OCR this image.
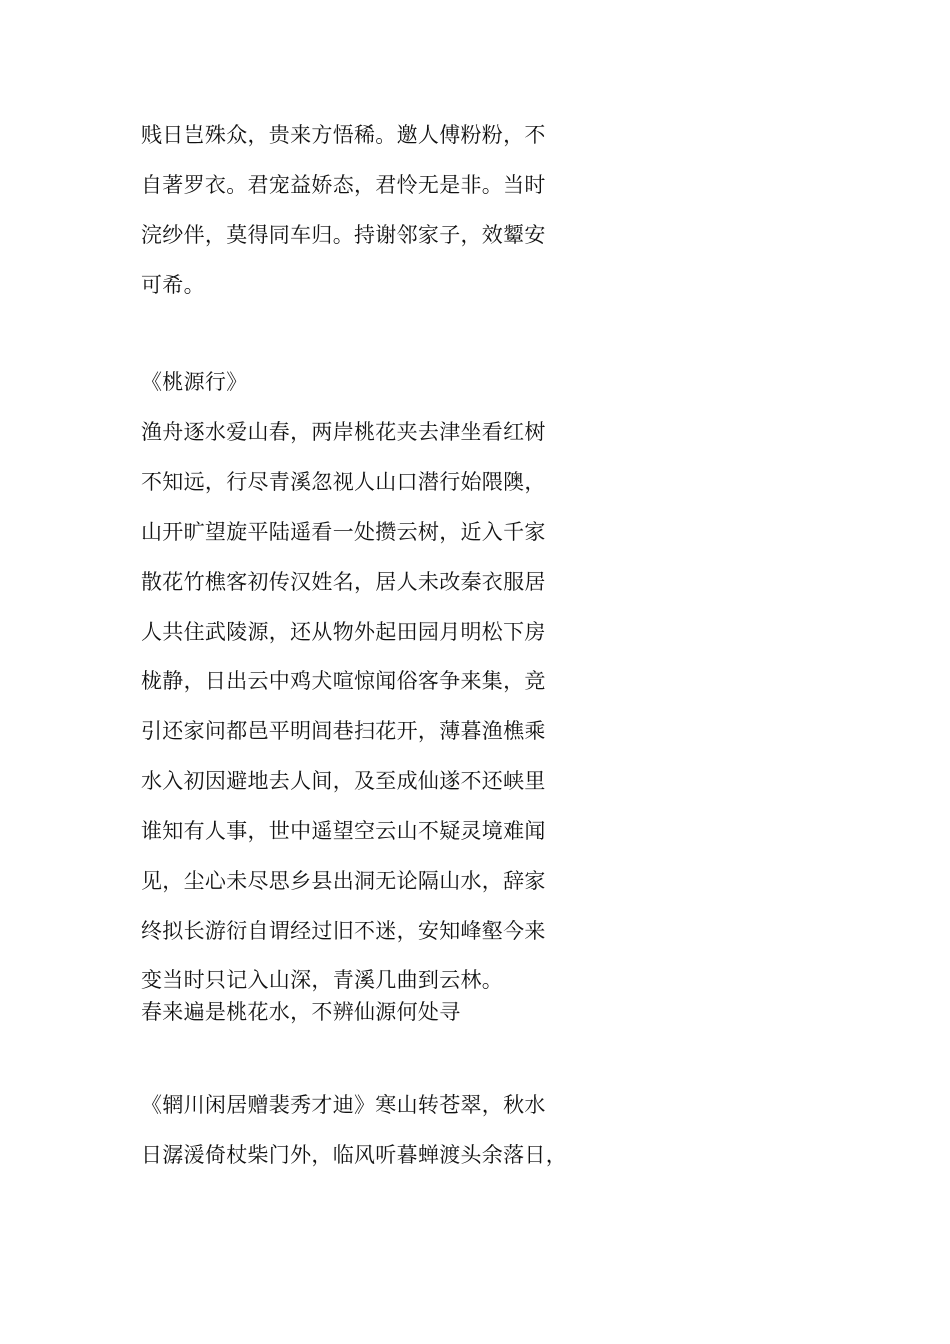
贱日岂殊众，贵来方悟稀。邀人傅粉粉，不
自著罗衣。君宠益娇态，君怜无是非。当时
浣纱伴，莫得同车归。持谢邻家子，效颦安
可希。
《桃源行》
渔舟逐水爱山春，两岸桃花夹去津坐看红树
不知远，行尽青溪忽视人山口潜行始隈隩，
山开旷望旋平陆遥看一处攒云树，近入千家
散花竹樵客初传汉姓名，居人未改秦衣服居
人共住武陵源，还从物外起田园月明松下房
栊静，日出云中鸡犬喧惊闻俗客争来集，竞
引还家问都邑平明闾巷扫花开，薄暮渔樵乘
水入初因避地去人间，及至成仙遂不还峡里
谁知有人事，世中遥望空云山不疑灵境难闻
见，尘心未尽思乡县出洞无论隔山水，辞家
终拟长游衍自谓经过旧不迷，安知峰壑今来
变当时只记入山深，青溪几曲到云林。
春来遍是桃花水，不辨仙源何处寻
《辋川闲居赠裴秀才迪》寒山转苍翠，秋水
日潺湲倚杖柴门外，临风听暮蝉渡头余落日，
